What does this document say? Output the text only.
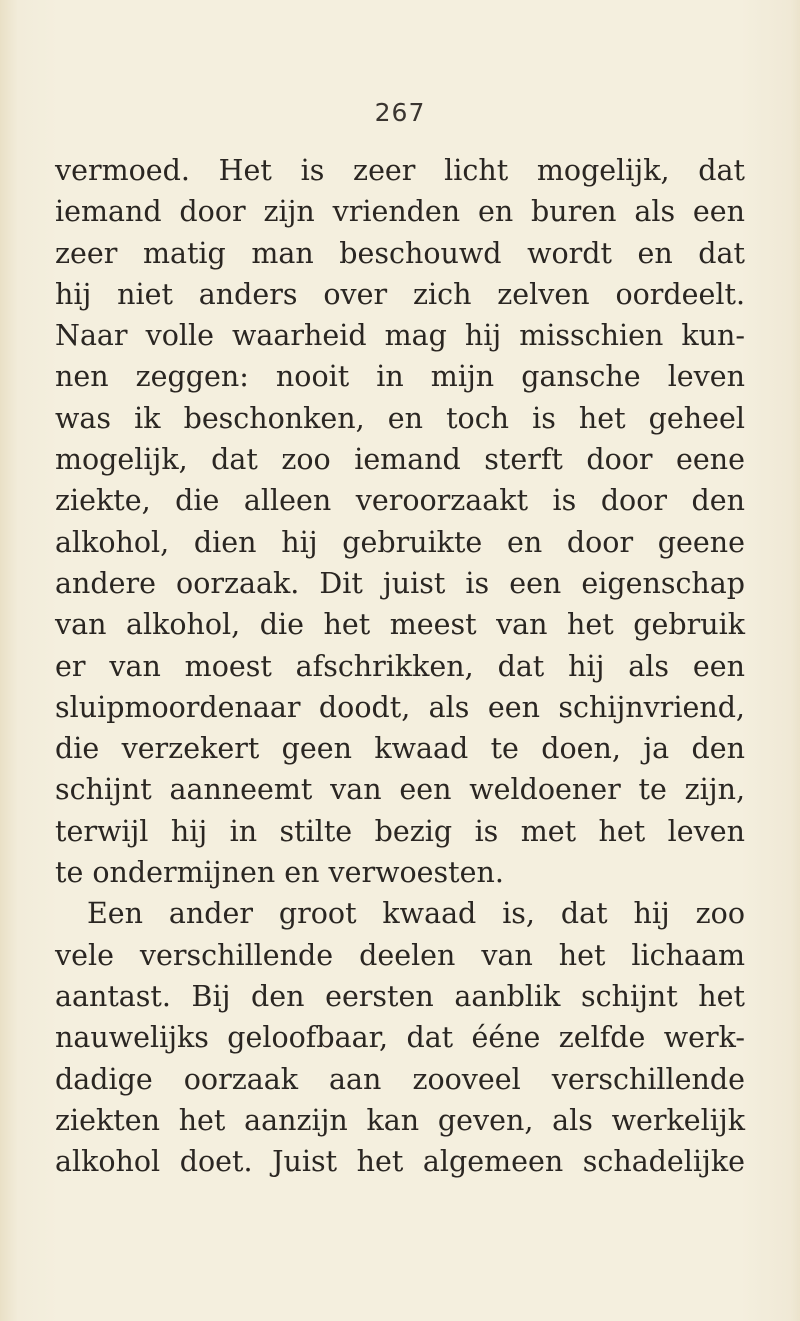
267
vermoed. Het is zeer licht mogelijk, dat
iemand door zijn vrienden en buren als een
zeer matig man beschouwd wordt en dat
hij niet anders over zich zelven oordeelt.
Naar volle waarheid mag hij misschien kun-
nen zeggen: nooit in mijn gansche leven
was ik beschonken, en toch is het geheel
mogelijk, dat zoo iemand sterft door eene
ziekte, die alleen veroorzaakt is door den
alkohol, dien hij gebruikte en door geene
andere oorzaak. Dit juist is een eigenschap
van alkohol, die het meest van het gebruik
er van moest afschrikken, dat hij als een
sluipmoordenaar doodt, als een schijnvriend,
die verzekert geen kwaad te doen, ja den
schijnt aanneemt van een weldoener te zijn,
terwijl hij in stilte bezig is met het leven
te ondermijnen en verwoesten.
Een ander groot kwaad is, dat hij zoo
vele verschillende deelen van het lichaam
aantast. Bij den eersten aanblik schijnt het
nauwelijks geloofbaar, dat ééne zelfde werk-
dadige oorzaak aan zooveel verschillende
ziekten het aanzijn kan geven, als werkelijk
alkohol doet. Juist het algemeen schadelijke
